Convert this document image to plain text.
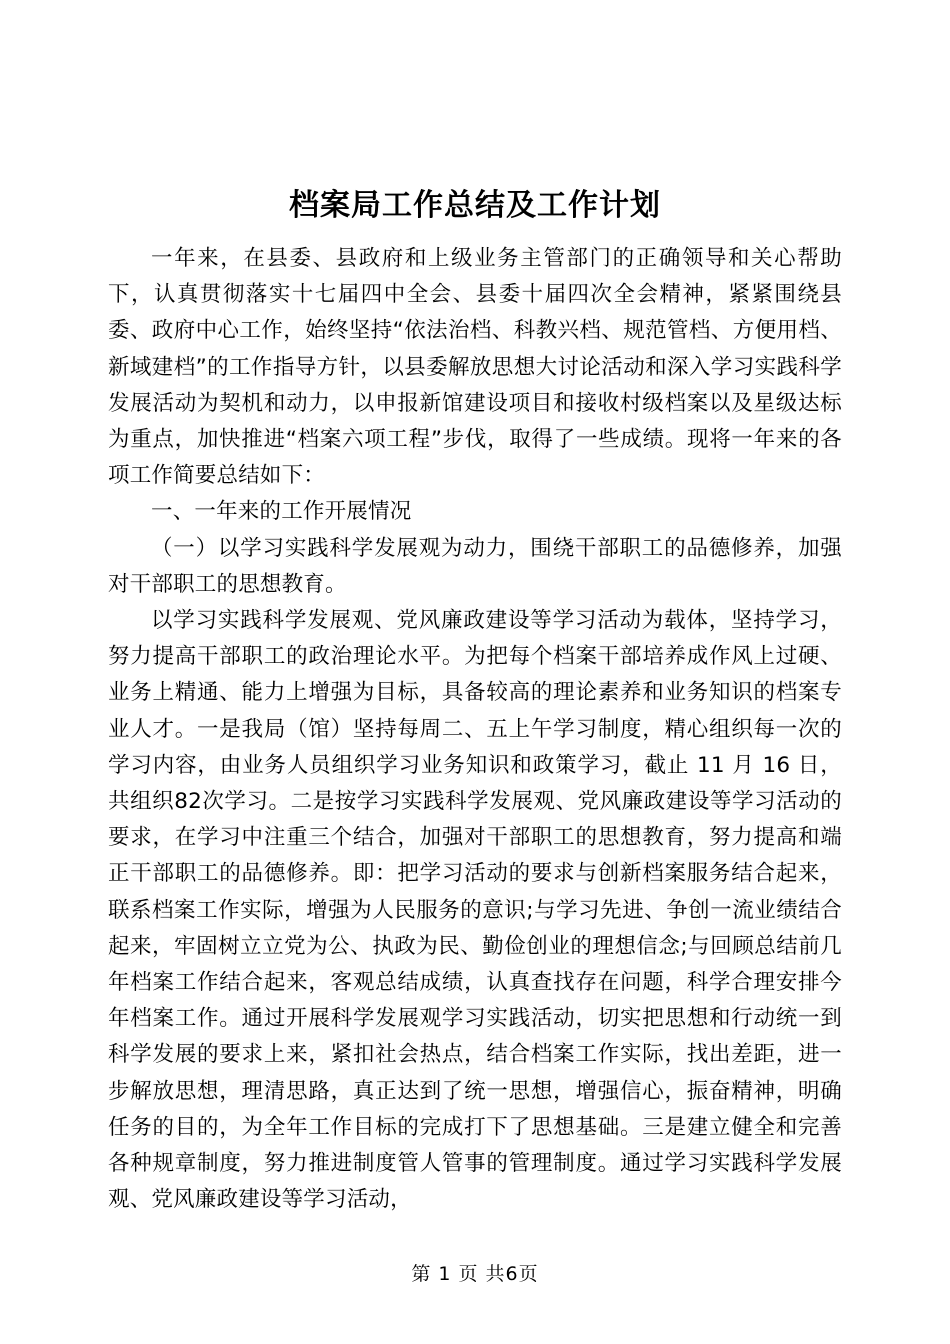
档案局工作总结及工作计划

一年来，在县委、县政府和上级业务主管部门的正确领导和关心帮助下，认真贯彻落实十七届四中全会、县委十届四次全会精神，紧紧围绕县委、政府中心工作，始终坚持“依法治档、科教兴档、规范管档、方便用档、新域建档”的工作指导方针，以县委解放思想大讨论活动和深入学习实践科学发展活动为契机和动力，以申报新馆建设项目和接收村级档案以及星级达标为重点，加快推进“档案六项工程”步伐，取得了一些成绩。现将一年来的各项工作简要总结如下：

一、一年来的工作开展情况

（一）以学习实践科学发展观为动力，围绕干部职工的品德修养，加强对干部职工的思想教育。

以学习实践科学发展观、党风廉政建设等学习活动为载体，坚持学习，努力提高干部职工的政治理论水平。为把每个档案干部培养成作风上过硬、业务上精通、能力上增强为目标，具备较高的理论素养和业务知识的档案专业人才。一是我局（馆）坚持每周二、五上午学习制度，精心组织每一次的学习内容，由业务人员组织学习业务知识和政策学习，截止 11 月 16 日，共组织82次学习。二是按学习实践科学发展观、党风廉政建设等学习活动的要求，在学习中注重三个结合，加强对干部职工的思想教育，努力提高和端正干部职工的品德修养。即：把学习活动的要求与创新档案服务结合起来，联系档案工作实际，增强为人民服务的意识;与学习先进、争创一流业绩结合起来，牢固树立立党为公、执政为民、勤俭创业的理想信念;与回顾总结前几年档案工作结合起来，客观总结成绩，认真查找存在问题，科学合理安排今年档案工作。通过开展科学发展观学习实践活动，切实把思想和行动统一到科学发展的要求上来，紧扣社会热点，结合档案工作实际，找出差距，进一步解放思想，理清思路，真正达到了统一思想，增强信心，振奋精神，明确任务的目的，为全年工作目标的完成打下了思想基础。三是建立健全和完善各种规章制度，努力推进制度管人管事的管理制度。通过学习实践科学发展观、党风廉政建设等学习活动，

第 1 页 共6页
